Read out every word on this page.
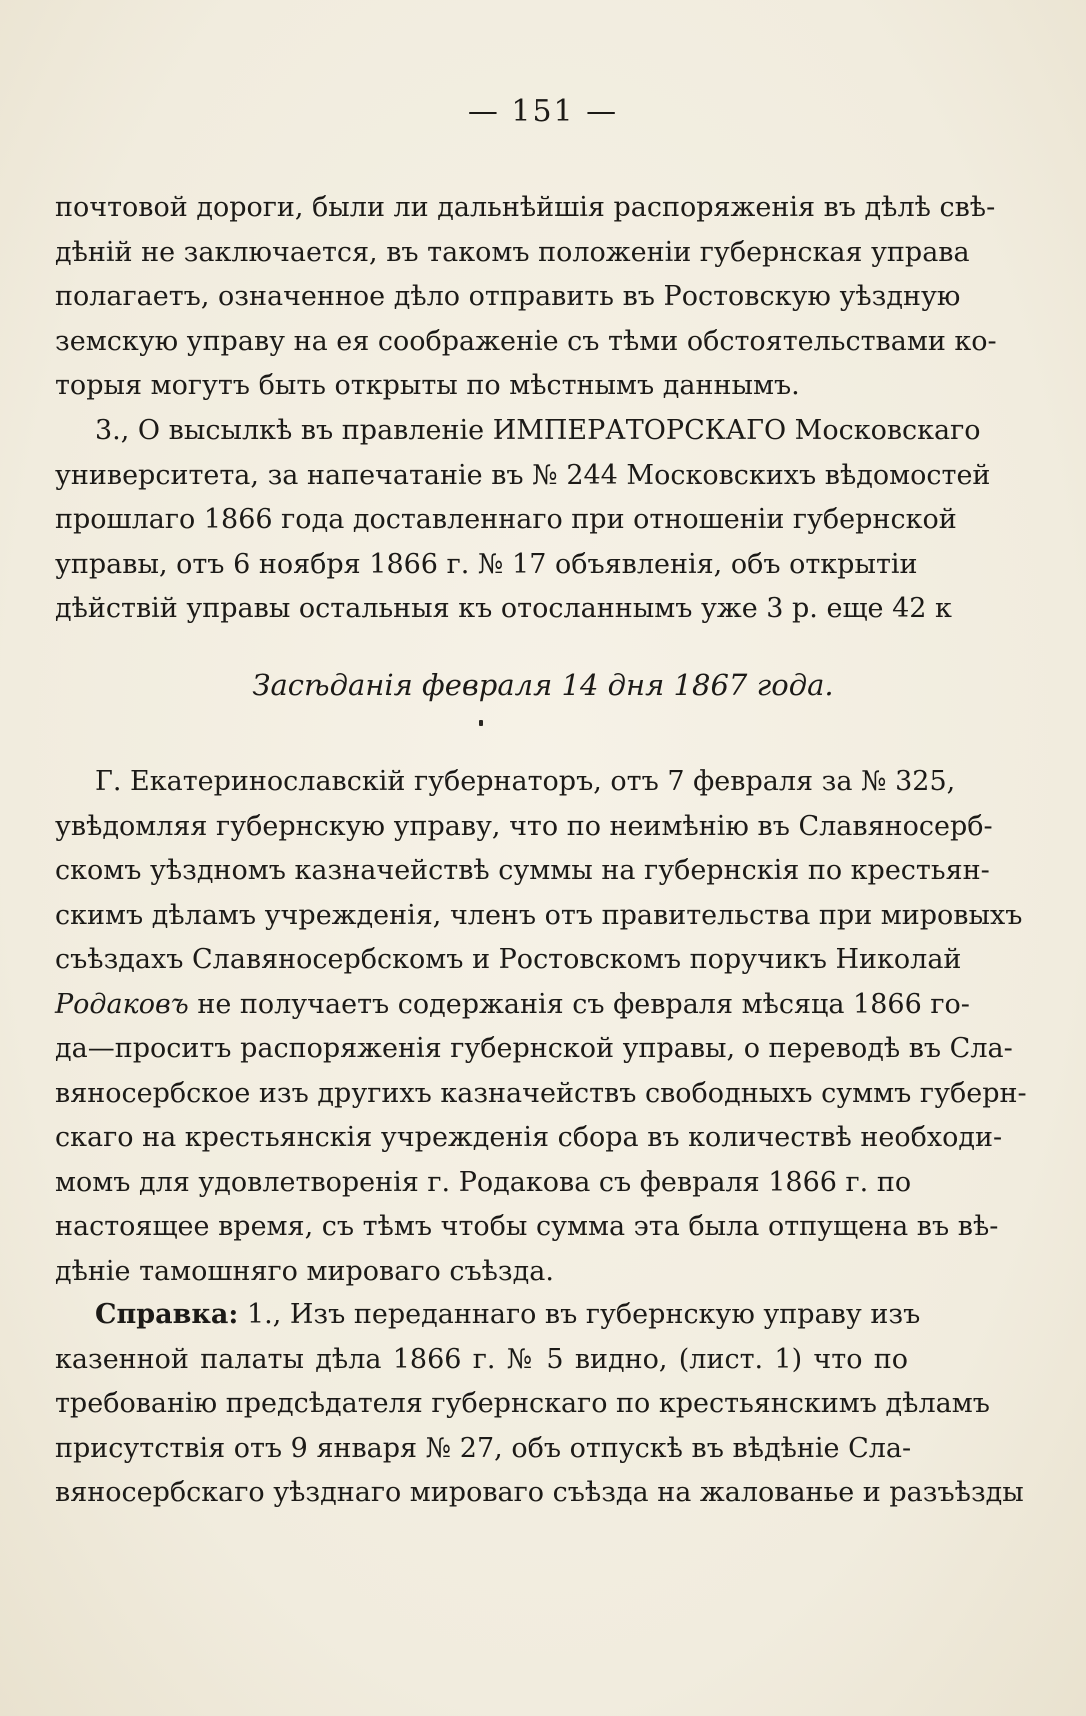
— 151 —
почтовой дороги, были ли дальнѣйшія распоряженія въ дѣлѣ свѣ-
дѣній не заключается, въ такомъ положеніи губернская управа
полагаетъ, означенное дѣло отправить въ Ростовскую уѣздную
земскую управу на ея соображеніе съ тѣми обстоятельствами ко-
торыя могутъ быть открыты по мѣстнымъ даннымъ.
3., О высылкѣ въ правленіе ИМПЕРАТОРСКАГО Московскаго
университета, за напечатаніе въ № 244 Московскихъ вѣдомостей
прошлаго 1866 года доставленнаго при отношеніи губернской
управы, отъ 6 ноября 1866 г. № 17 объявленія, объ открытіи
дѣйствій управы остальныя къ отосланнымъ уже 3 р. еще 42 к
Засѣданія февраля 14 дня 1867 года.
Г. Екатеринославскій губернаторъ, отъ 7 февраля за № 325,
увѣдомляя губернскую управу, что по неимѣнію въ Славяносерб-
скомъ уѣздномъ казначействѣ суммы на губернскія по крестьян-
скимъ дѣламъ учрежденія, членъ отъ правительства при мировыхъ
съѣздахъ Славяносербскомъ и Ростовскомъ поручикъ Николай
Родаковъ не получаетъ содержанія съ февраля мѣсяца 1866 го-
да—проситъ распоряженія губернской управы, о переводѣ въ Сла-
вяносербское изъ другихъ казначействъ свободныхъ суммъ губерн-
скаго на крестьянскія учрежденія сбора въ количествѣ необходи-
момъ для удовлетворенія г. Родакова съ февраля 1866 г. по
настоящее время, съ тѣмъ чтобы сумма эта была отпущена въ вѣ-
дѣніе тамошняго мироваго съѣзда.
Справка: 1., Изъ переданнаго въ губернскую управу изъ
казенной палаты дѣла 1866 г. № 5 видно, (лист. 1) что по
требованію предсѣдателя губернскаго по крестьянскимъ дѣламъ
присутствія отъ 9 января № 27, объ отпускѣ въ вѣдѣніе Сла-
вяносербскаго уѣзднаго мироваго съѣзда на жалованье и разъѣзды
